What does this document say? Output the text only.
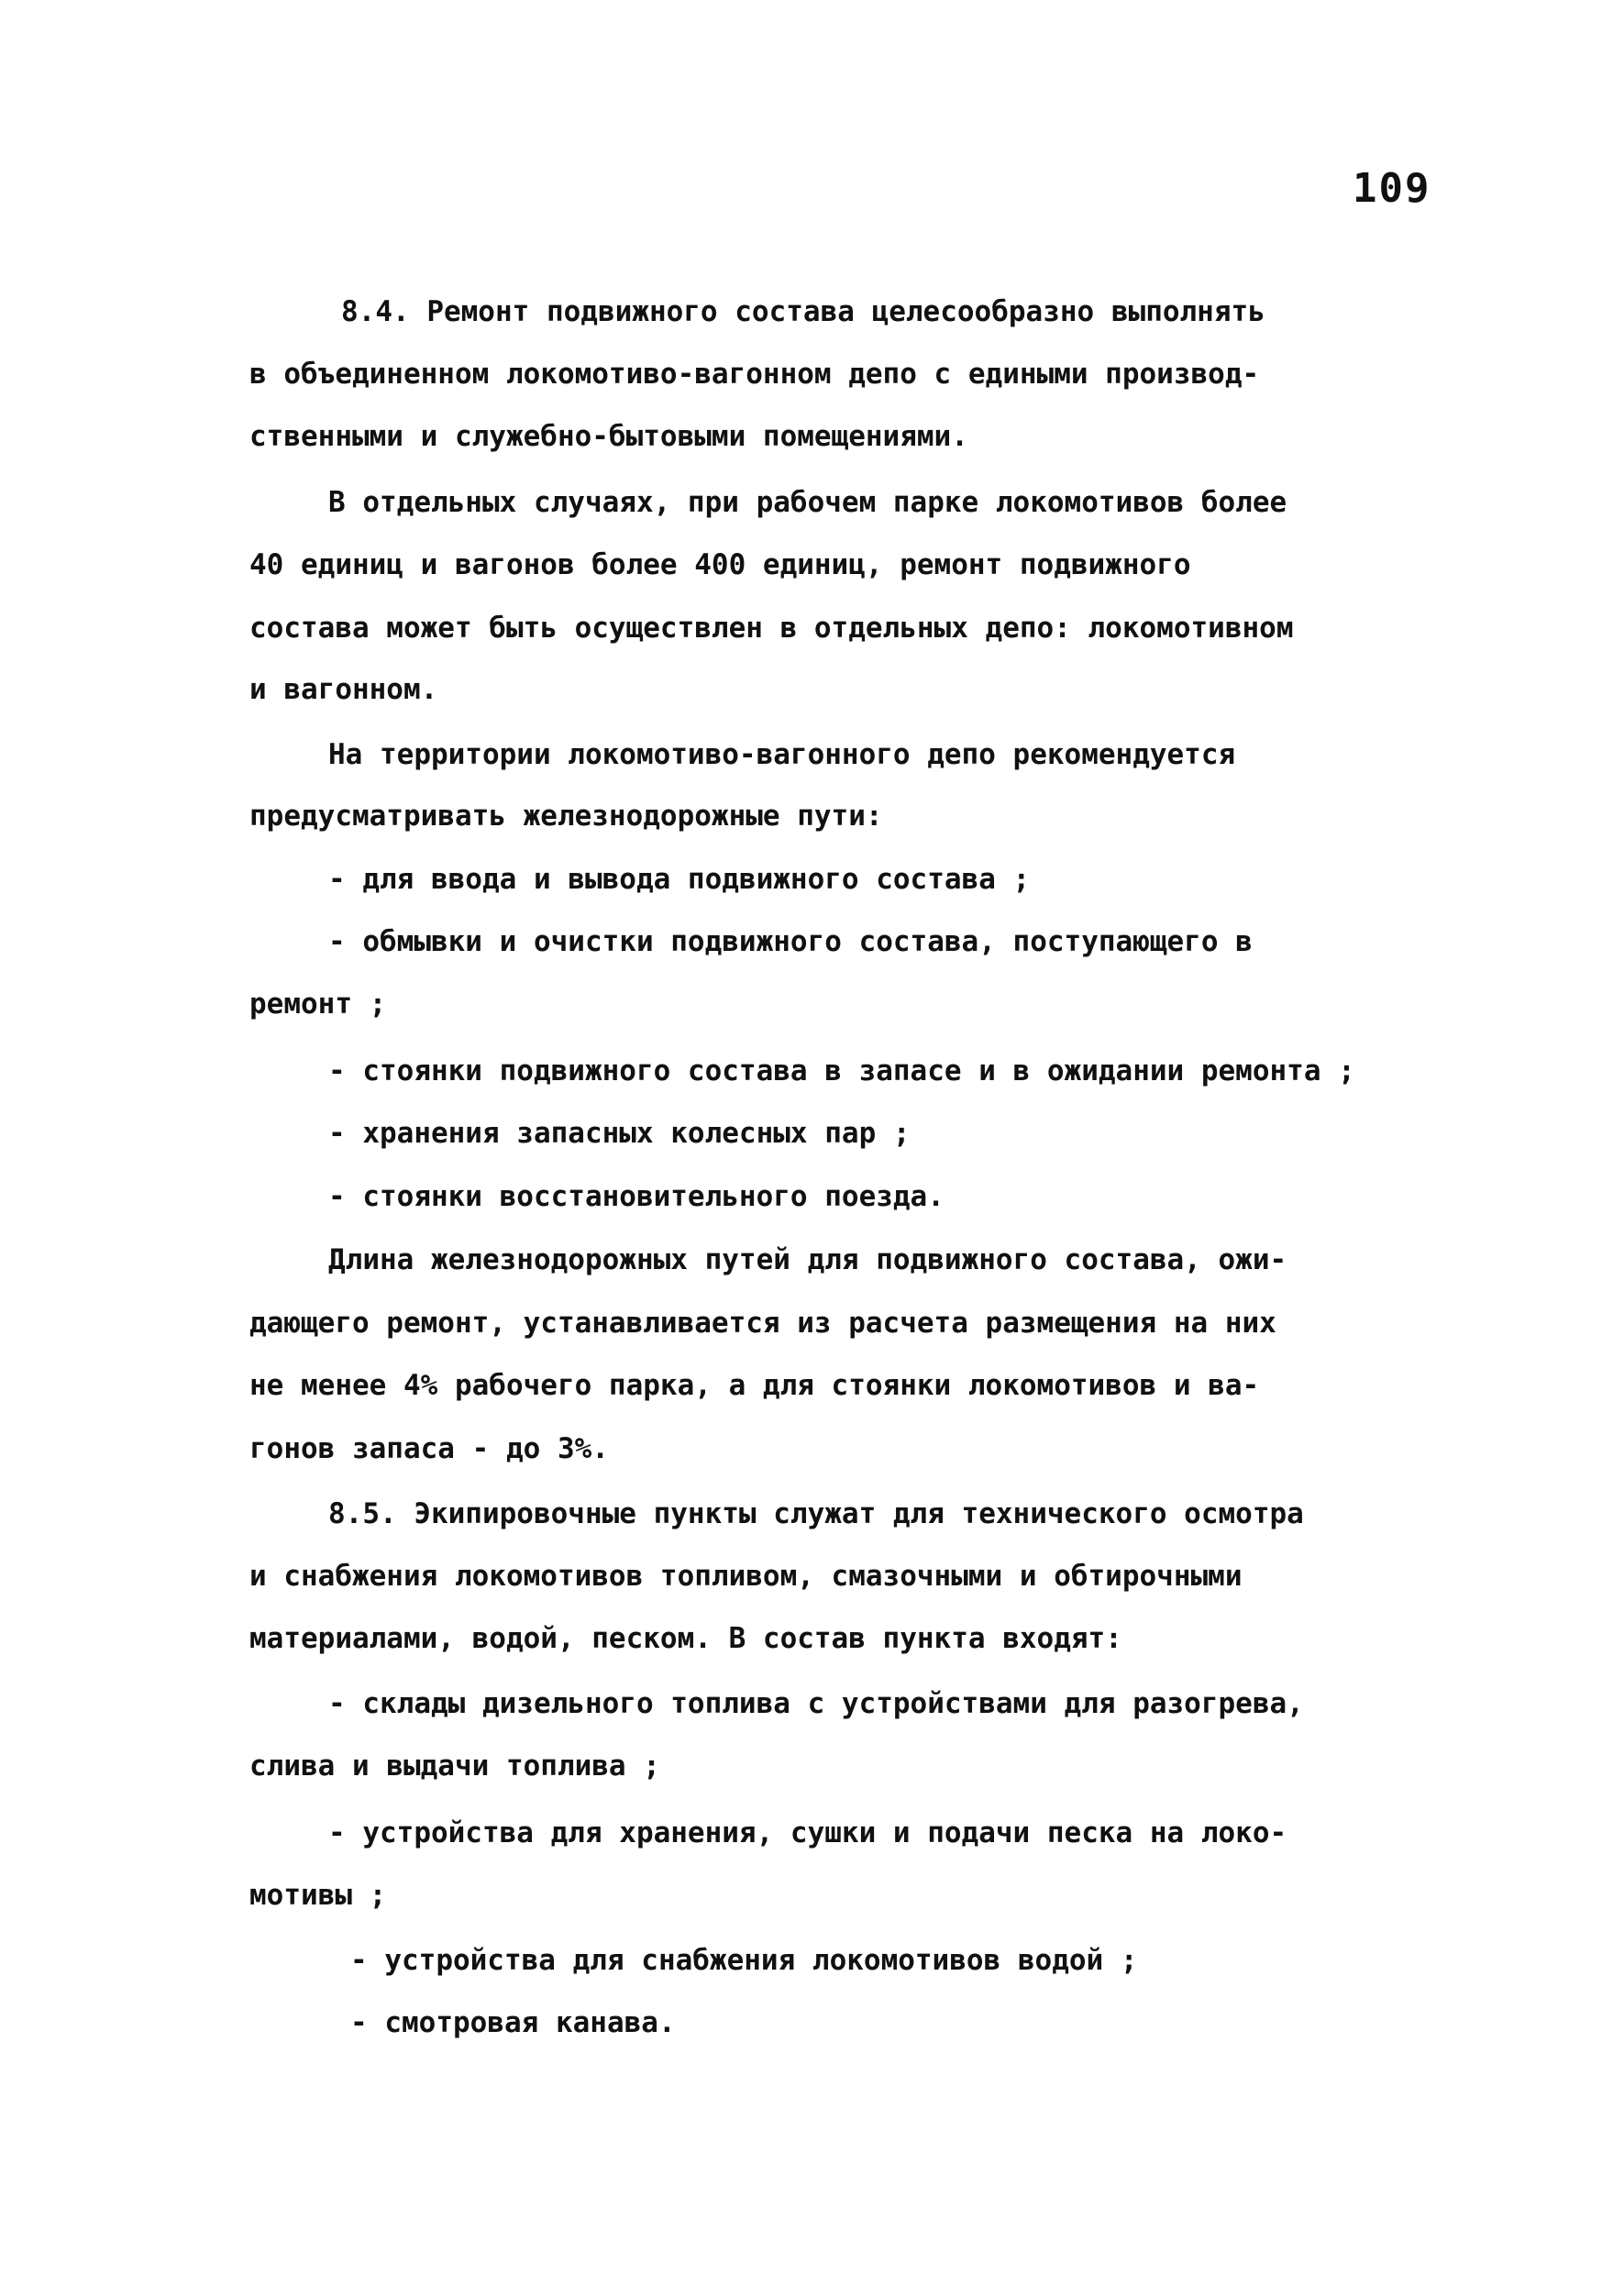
109
8.4. Ремонт подвижного состава целесообразно выполнять
в объединенном локомотиво-вагонном депо с едиными производ-
ственными и служебно-бытовыми помещениями.
В отдельных случаях, при рабочем парке локомотивов более
40 единиц и вагонов более 400 единиц, ремонт подвижного
состава может быть осуществлен в отдельных депо: локомотивном
и вагонном.
На территории локомотиво-вагонного депо рекомендуется
предусматривать железнодорожные пути:
- для ввода и вывода подвижного состава ;
- обмывки и очистки подвижного состава, поступающего в
ремонт ;
- стоянки подвижного состава в запасе и в ожидании ремонта ;
- хранения запасных колесных пар ;
- стоянки восстановительного поезда.
Длина железнодорожных путей для подвижного состава, ожи-
дающего ремонт, устанавливается из расчета размещения на них
не менее 4% рабочего парка, а для стоянки локомотивов и ва-
гонов запаса - до 3%.
8.5. Экипировочные пункты служат для технического осмотра
и снабжения локомотивов топливом, смазочными и обтирочными
материалами, водой, песком. В состав пункта входят:
- склады дизельного топлива с устройствами для разогрева,
слива и выдачи топлива ;
- устройства для хранения, сушки и подачи песка на локо-
мотивы ;
- устройства для снабжения локомотивов водой ;
- смотровая канава.
